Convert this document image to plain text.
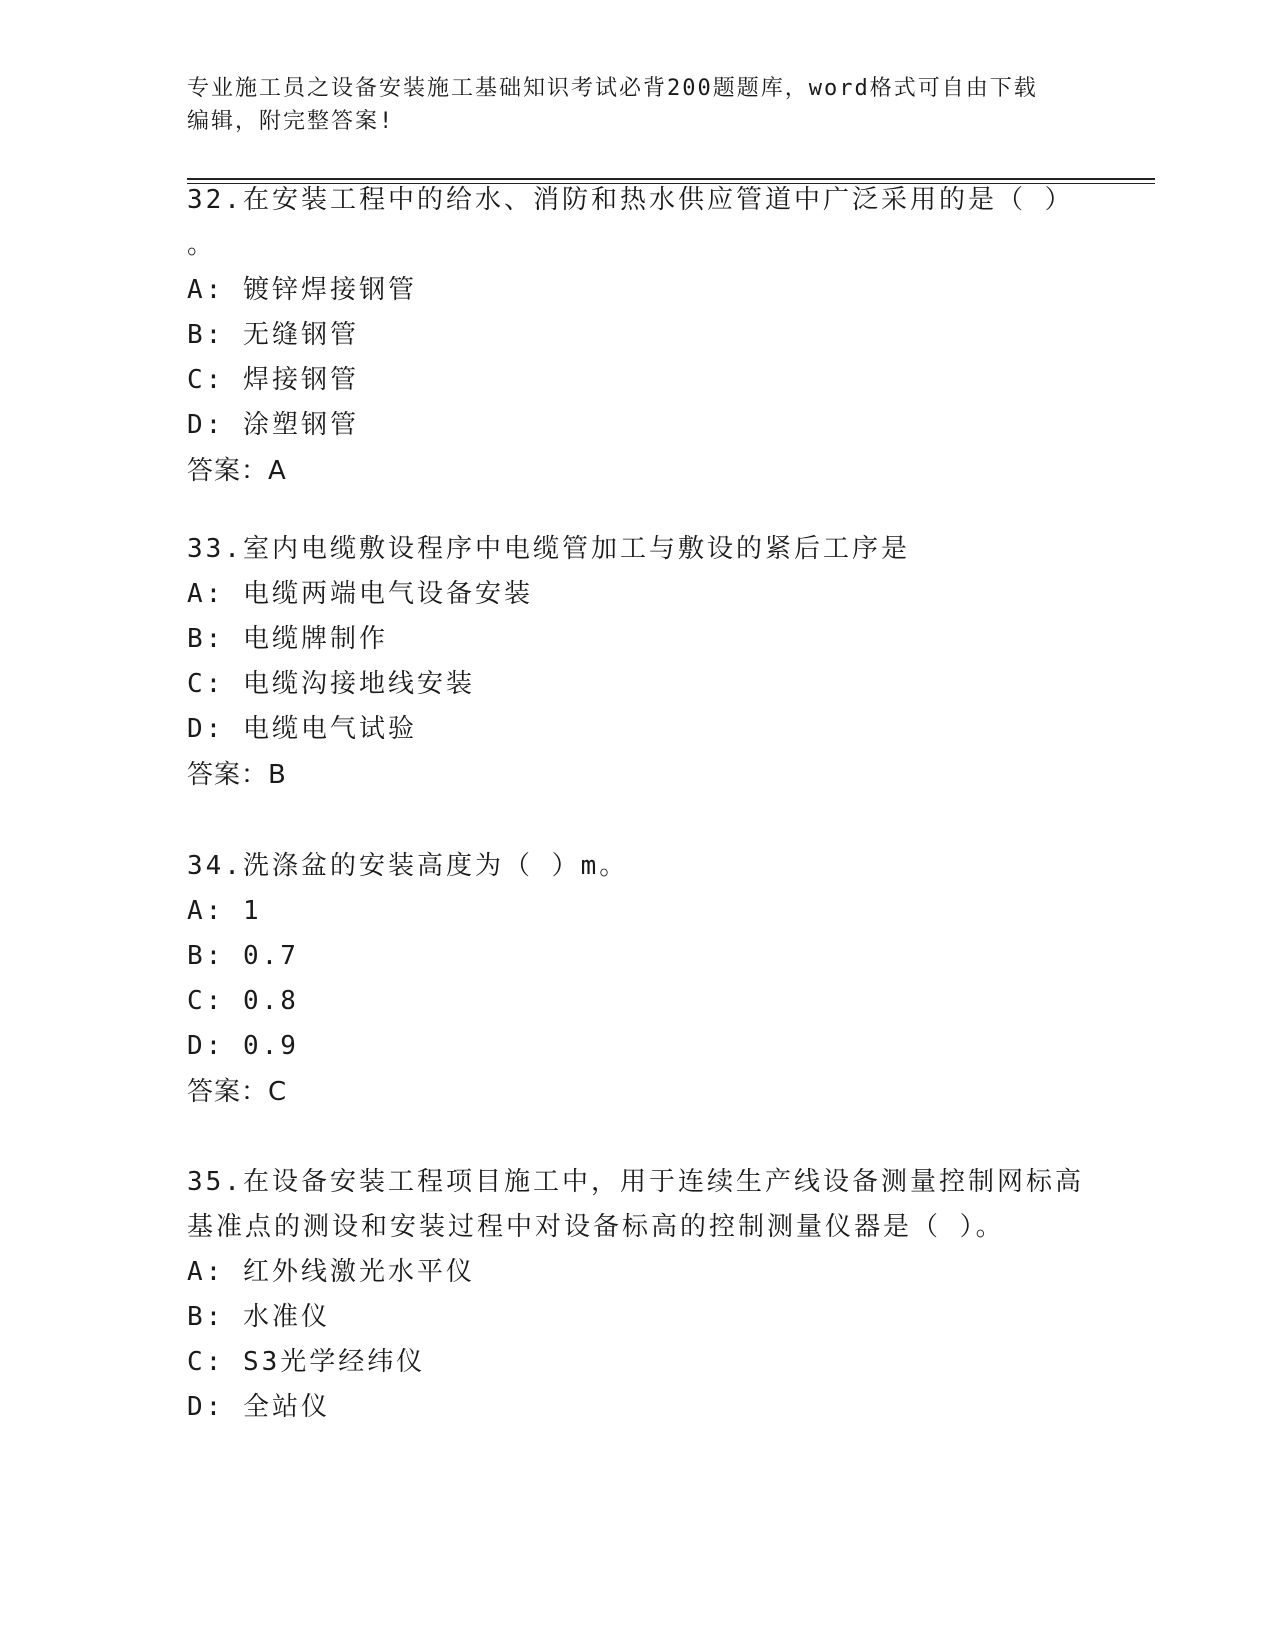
专业施工员之设备安装施工基础知识考试必背200题题库，word格式可自由下载
编辑，附完整答案!
32.在安装工程中的给水、消防和热水供应管道中广泛采用的是（ ）
。
A: 镀锌焊接钢管
B: 无缝钢管
C: 焊接钢管
D: 涂塑钢管
答案：A
33.室内电缆敷设程序中电缆管加工与敷设的紧后工序是
A: 电缆两端电气设备安装
B: 电缆牌制作
C: 电缆沟接地线安装
D: 电缆电气试验
答案：B
34.洗涤盆的安装高度为（ ）m。
A: 1
B: 0.7
C: 0.8
D: 0.9
答案：C
35.在设备安装工程项目施工中，用于连续生产线设备测量控制网标高
基准点的测设和安装过程中对设备标高的控制测量仪器是（ ）。
A: 红外线激光水平仪
B: 水准仪
C: S3光学经纬仪
D: 全站仪
